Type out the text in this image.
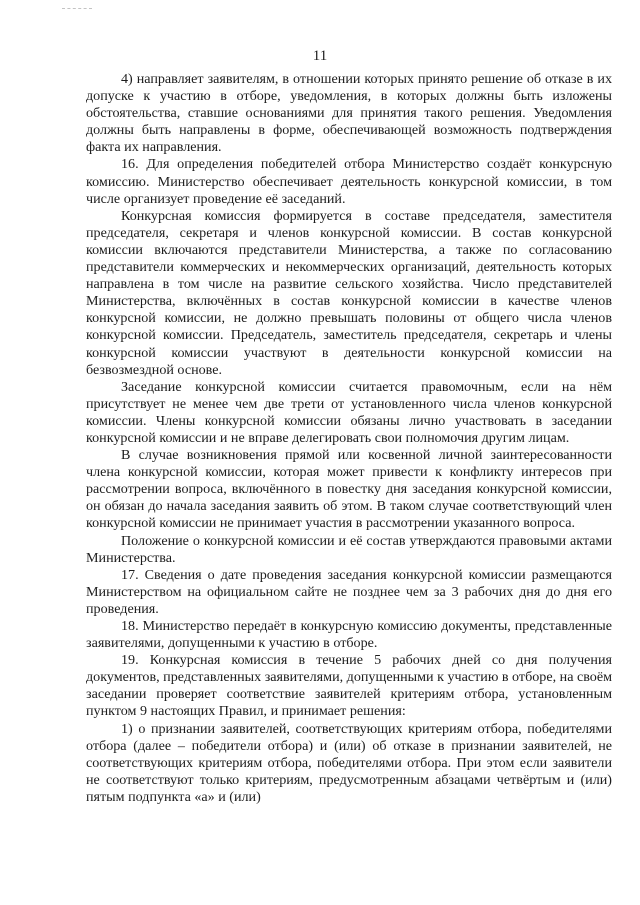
11

4) направляет заявителям, в отношении которых принято решение об отказе в их допуске к участию в отборе, уведомления, в которых должны быть изложены обстоятельства, ставшие основаниями для принятия такого решения. Уведомления должны быть направлены в форме, обеспечивающей возможность подтверждения факта их направления.

16. Для определения победителей отбора Министерство создаёт конкурсную комиссию. Министерство обеспечивает деятельность конкурсной комиссии, в том числе организует проведение её заседаний.

Конкурсная комиссия формируется в составе председателя, заместителя председателя, секретаря и членов конкурсной комиссии. В состав конкурсной комиссии включаются представители Министерства, а также по согласованию представители коммерческих и некоммерческих организаций, деятельность которых направлена в том числе на развитие сельского хозяйства. Число представителей Министерства, включённых в состав конкурсной комиссии в качестве членов конкурсной комиссии, не должно превышать половины от общего числа членов конкурсной комиссии. Председатель, заместитель председателя, секретарь и члены конкурсной комиссии участвуют в деятельности конкурсной комиссии на безвозмездной основе.

Заседание конкурсной комиссии считается правомочным, если на нём присутствует не менее чем две трети от установленного числа членов конкурсной комиссии. Члены конкурсной комиссии обязаны лично участвовать в заседании конкурсной комиссии и не вправе делегировать свои полномочия другим лицам.

В случае возникновения прямой или косвенной личной заинтересованности члена конкурсной комиссии, которая может привести к конфликту интересов при рассмотрении вопроса, включённого в повестку дня заседания конкурсной комиссии, он обязан до начала заседания заявить об этом. В таком случае соответствующий член конкурсной комиссии не принимает участия в рассмотрении указанного вопроса.

Положение о конкурсной комиссии и её состав утверждаются правовыми актами Министерства.

17. Сведения о дате проведения заседания конкурсной комиссии размещаются Министерством на официальном сайте не позднее чем за 3 рабочих дня до дня его проведения.

18. Министерство передаёт в конкурсную комиссию документы, представленные заявителями, допущенными к участию в отборе.

19. Конкурсная комиссия в течение 5 рабочих дней со дня получения документов, представленных заявителями, допущенными к участию в отборе, на своём заседании проверяет соответствие заявителей критериям отбора, установленным пунктом 9 настоящих Правил, и принимает решения:

1) о признании заявителей, соответствующих критериям отбора, победителями отбора (далее – победители отбора) и (или) об отказе в признании заявителей, не соответствующих критериям отбора, победителями отбора. При этом если заявители не соответствуют только критериям, предусмотренным абзацами четвёртым и (или) пятым подпункта «а» и (или)
